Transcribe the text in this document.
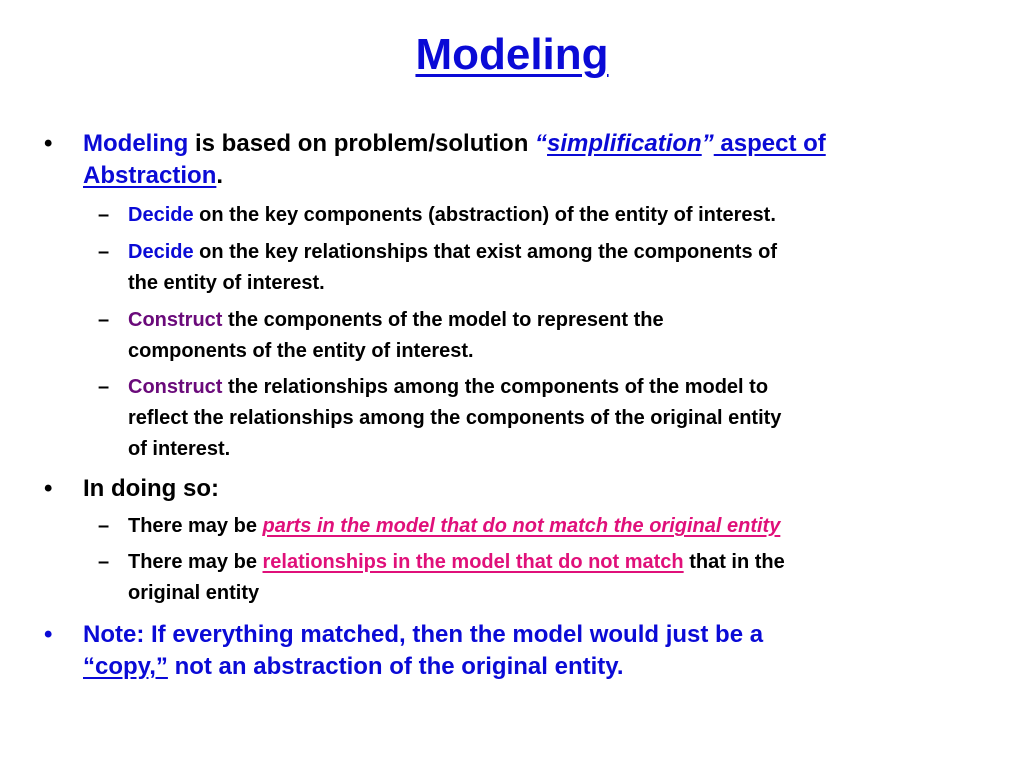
Modeling
• Modeling is based on problem/solution “simplification” aspect of
Abstraction.
– Decide on the key components (abstraction) of the entity of interest.
– Decide on the key relationships that exist among the components of
the entity of interest.
– Construct the components of the model to represent the
components of the entity of interest.
– Construct the relationships among the components of the model to
reflect the relationships among the components of the original entity
of interest.
• In doing so:
– There may be parts in the model that do not match the original entity
– There may be relationships in the model that do not match that in the
original entity
• Note: If everything matched, then the model would just be a
“copy,” not an abstraction of the original entity.
